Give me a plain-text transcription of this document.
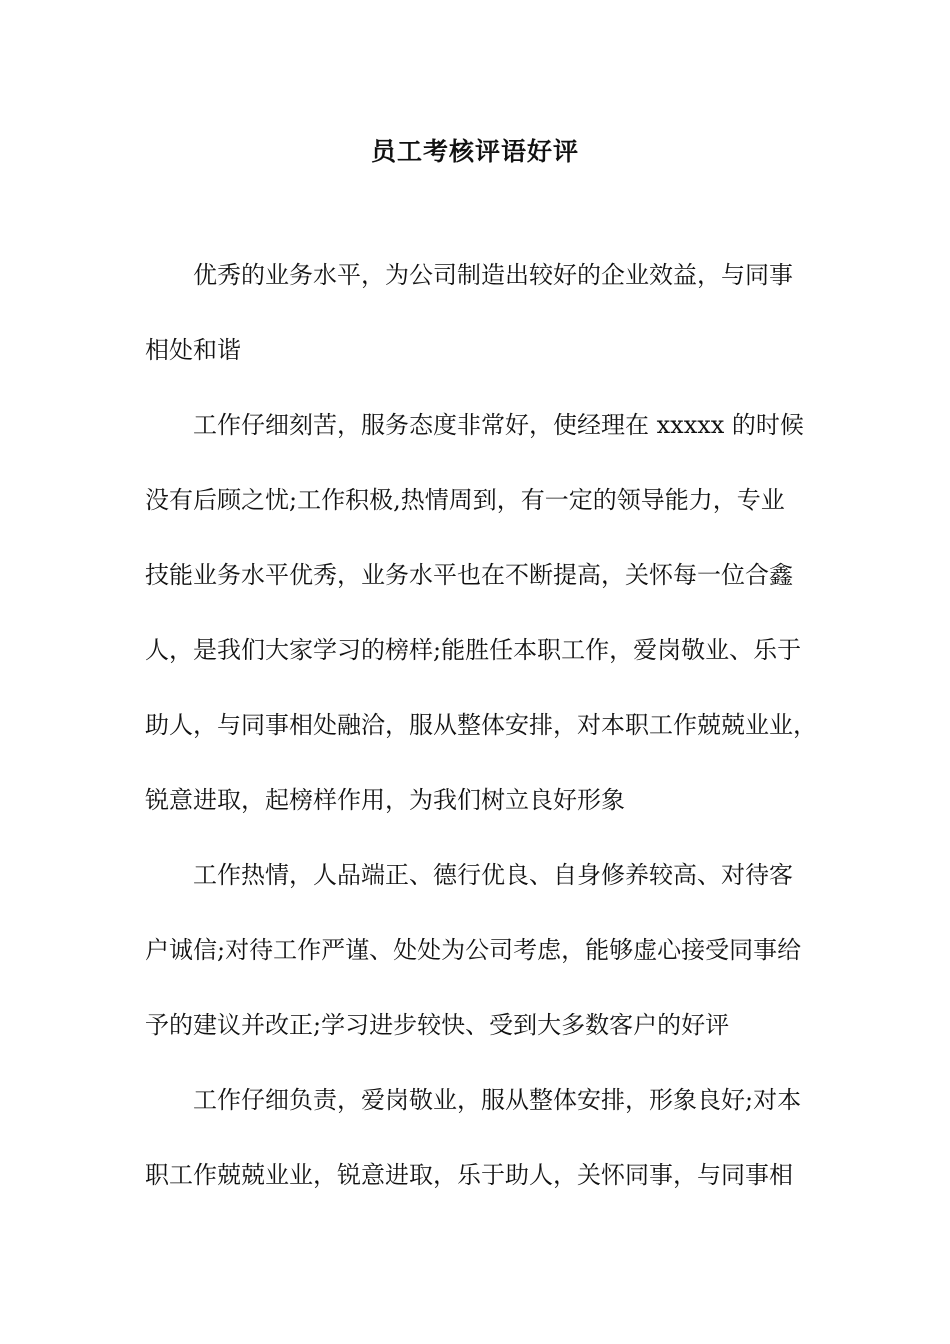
员工考核评语好评

优秀的业务水平，为公司制造出较好的企业效益，与同事

相处和谐

工作仔细刻苦，服务态度非常好，使经理在 xxxxx 的时候

没有后顾之忧;工作积极,热情周到，有一定的领导能力，专业

技能业务水平优秀，业务水平也在不断提高，关怀每一位合鑫

人，是我们大家学习的榜样;能胜任本职工作，爱岗敬业、乐于

助人，与同事相处融洽，服从整体安排，对本职工作兢兢业业，

锐意进取，起榜样作用，为我们树立良好形象

工作热情，人品端正、德行优良、自身修养较高、对待客

户诚信;对待工作严谨、处处为公司考虑，能够虚心接受同事给

予的建议并改正;学习进步较快、受到大多数客户的好评

工作仔细负责，爱岗敬业，服从整体安排，形象良好;对本

职工作兢兢业业，锐意进取，乐于助人，关怀同事，与同事相
